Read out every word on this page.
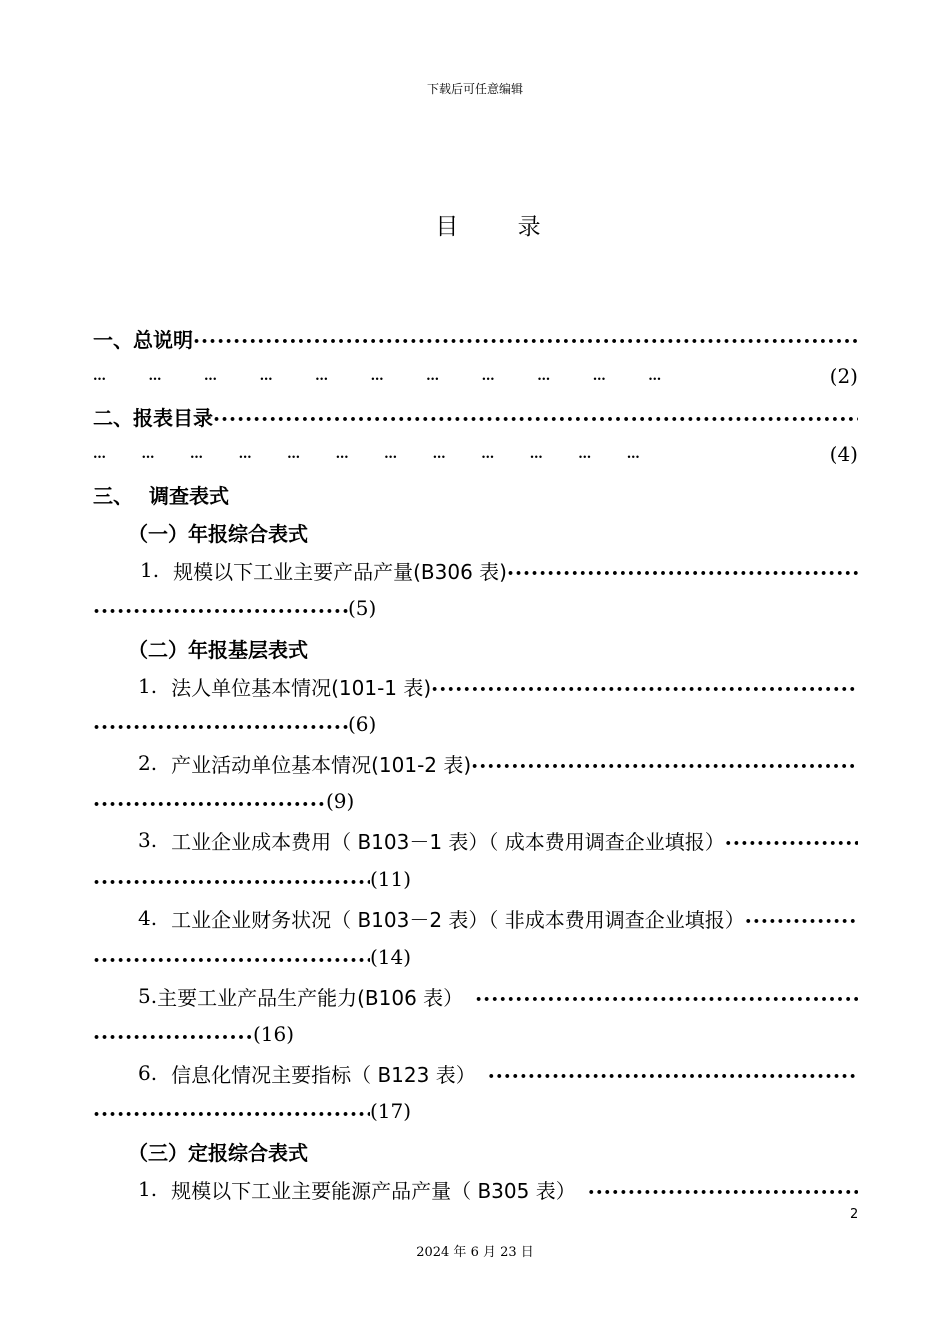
下载后可任意编辑
目 录
一、 总说明
•••••
… … … … … … … … … … …	(2)
二、 报表目录
•••••
… … … … … … … … … … … …	(4)
三、 调查表式
（一）年报综合表式
1. 规模以下工业主要产品产量(B306 表)
•••••
•••••
(5)
（二）年报基层表式
1. 法人单位基本情况(101-1 表)
•••••
•••••
(6)
2. 产业活动单位基本情况(101-2 表)
•••••
•••••
(9)
3. 工业企业成本费用（ B103－1 表）（ 成本费用调查企业填报）
•••••
•••••
(11)
4. 工业企业财务状况（ B103－2 表）（ 非成本费用调查企业填报）
•••••
•••••
(14)
5. 主要工业产品生产能力(B106 表）
•••••
•••••
(16)
6. 信息化情况主要指标（ B123 表）
•••••
•••••
(17)
（三）定报综合表式
1. 规模以下工业主要能源产品产量（ B305 表）
•••••
2
2024 年 6 月 23 日
